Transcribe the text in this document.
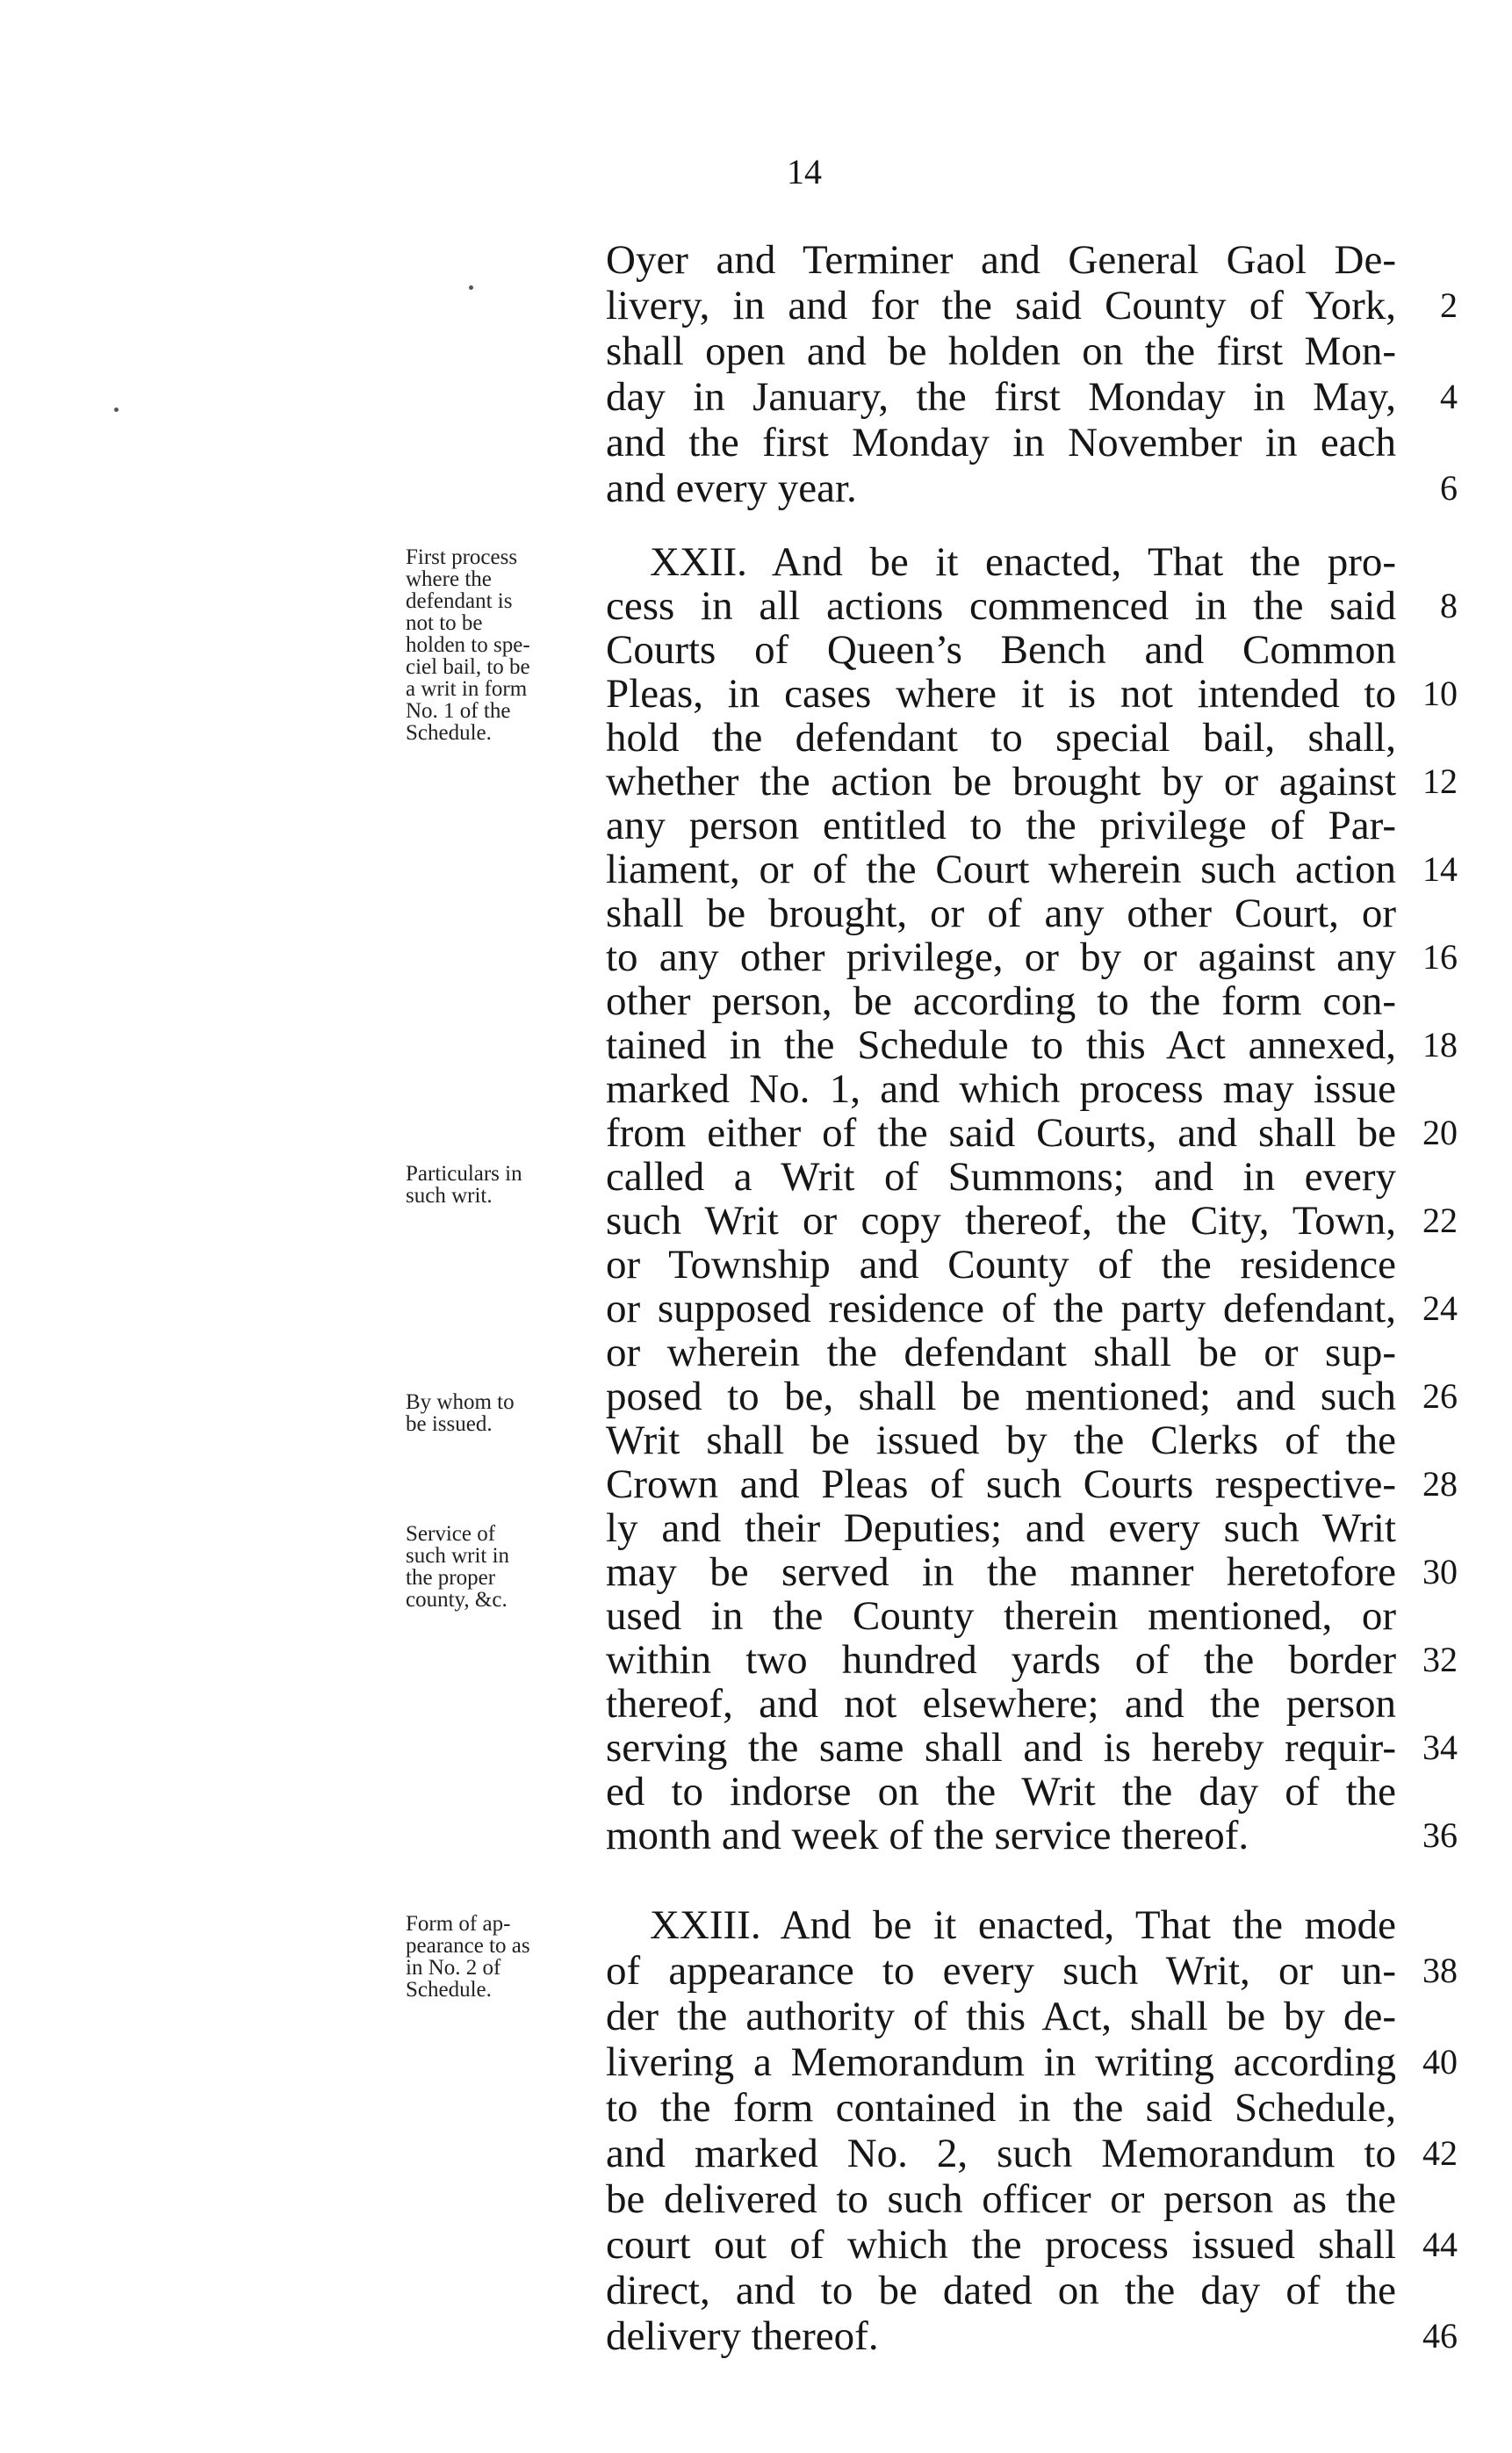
14
Oyer and Terminer and General Gaol De-
livery, in and for the said County of York,	2
shall open and be holden on the first Mon-
day in January, the first Monday in May,	4
and the first Monday in November in each
and every year.	6
XXII. And be it enacted, That the pro-
cess in all actions commenced in the said	8
Courts of Queen’s Bench and Common
Pleas, in cases where it is not intended to 10
hold the defendant to special bail, shall,
whether the action be brought by or against 12
any person entitled to the privilege of Par-
liament, or of the Court wherein such action 14
shall be brought, or of any other Court, or
to any other privilege, or by or against any 16
other person, be according to the form con-
tained in the Schedule to this Act annexed, 18
marked No. 1, and which process may issue
from either of the said Courts, and shall be 20
called a Writ of Summons; and in every
such Writ or copy thereof, the City, Town, 22
or Township and County of the residence
or supposed residence of the party defendant, 24
or wherein the defendant shall be or sup-
posed to be, shall be mentioned; and such 26
Writ shall be issued by the Clerks of the
Crown and Pleas of such Courts respective- 28
ly and their Deputies; and every such Writ
may be served in the manner heretofore 30
used in the County therein mentioned, or
within two hundred yards of the border 32
thereof, and not elsewhere; and the person
serving the same shall and is hereby requir- 34
ed to indorse on the Writ the day of the
month and week of the service thereof.	36
XXIII. And be it enacted, That the mode
of appearance to every such Writ, or un- 38
der the authority of this Act, shall be by de-
livering a Memorandum in writing according 40
to the form contained in the said Schedule,
and marked No. 2, such Memorandum to 42
be delivered to such officer or person as the
court out of which the process issued shall 44
direct, and to be dated on the day of the
delivery thereof.	46
First process
where the
defendant is
not to be
holden to spe-
ciel bail, to be
a writ in form
No. 1 of the
Schedule.
Particulars in
such writ.
By whom to
be issued.
Service of
such writ in
the proper
county, &c.
Form of ap-
pearance to as
in No. 2 of
Schedule.
